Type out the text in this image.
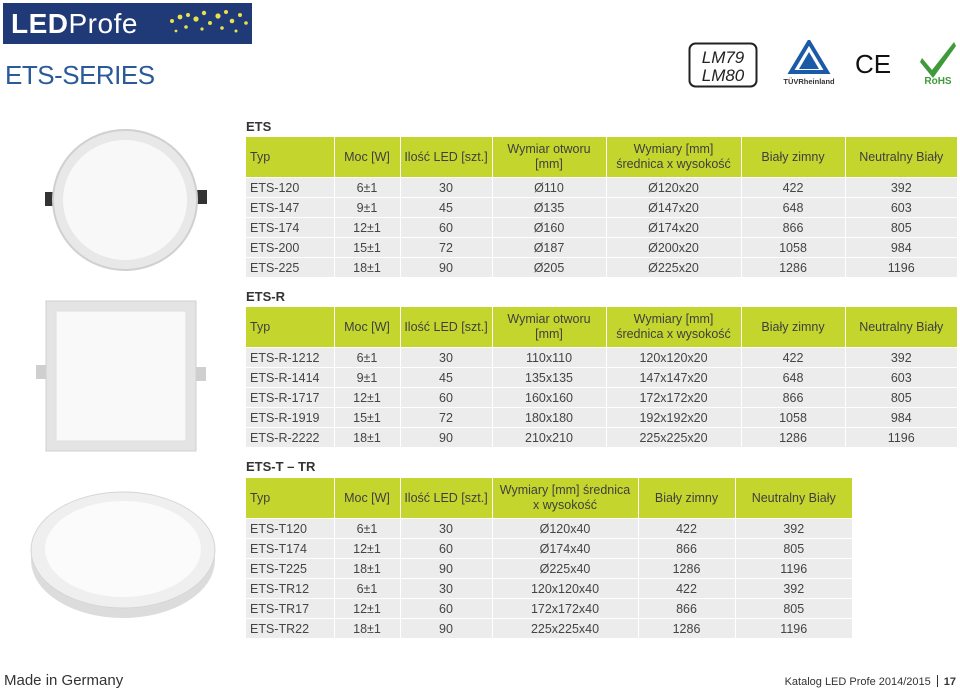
LEDProfe
ETS-SERIES
LM79
LM80	TÜVRheinland
CE
RoHS
ETS
ETS-R
ETS-T – TR
Typ	Moc [W]	Ilość LED [szt.]	Wymiar otworu [mm]	Wymiary [mm] średnica x wysokość	Biały zimny	Neutralny Biały
ETS-120	6±1	30	Ø110	Ø120x20	422	392
ETS-147	9±1	45	Ø135	Ø147x20	648	603
ETS-174	12±1	60	Ø160	Ø174x20	866	805
ETS-200	15±1	72	Ø187	Ø200x20	1058	984
ETS-225	18±1	90	Ø205	Ø225x20	1286	1196
Typ	Moc [W]	Ilość LED [szt.]	Wymiar otworu [mm]	Wymiary [mm] średnica x wysokość	Biały zimny	Neutralny Biały
ETS-R-1212	6±1	30	110x110	120x120x20	422	392
ETS-R-1414	9±1	45	135x135	147x147x20	648	603
ETS-R-1717	12±1	60	160x160	172x172x20	866	805
ETS-R-1919	15±1	72	180x180	192x192x20	1058	984
ETS-R-2222	18±1	90	210x210	225x225x20	1286	1196
Typ	Moc [W]	Ilość LED [szt.]	Wymiary [mm] średnica x wysokość	Biały zimny	Neutralny Biały
ETS-T120	6±1	30	Ø120x40	422	392
ETS-T174	12±1	60	Ø174x40	866	805
ETS-T225	18±1	90	Ø225x40	1286	1196
ETS-TR12	6±1	30	120x120x40	422	392
ETS-TR17	12±1	60	172x172x40	866	805
ETS-TR22	18±1	90	225x225x40	1286	1196
Made in Germany	Katalog LED Profe 2014/2015 17
